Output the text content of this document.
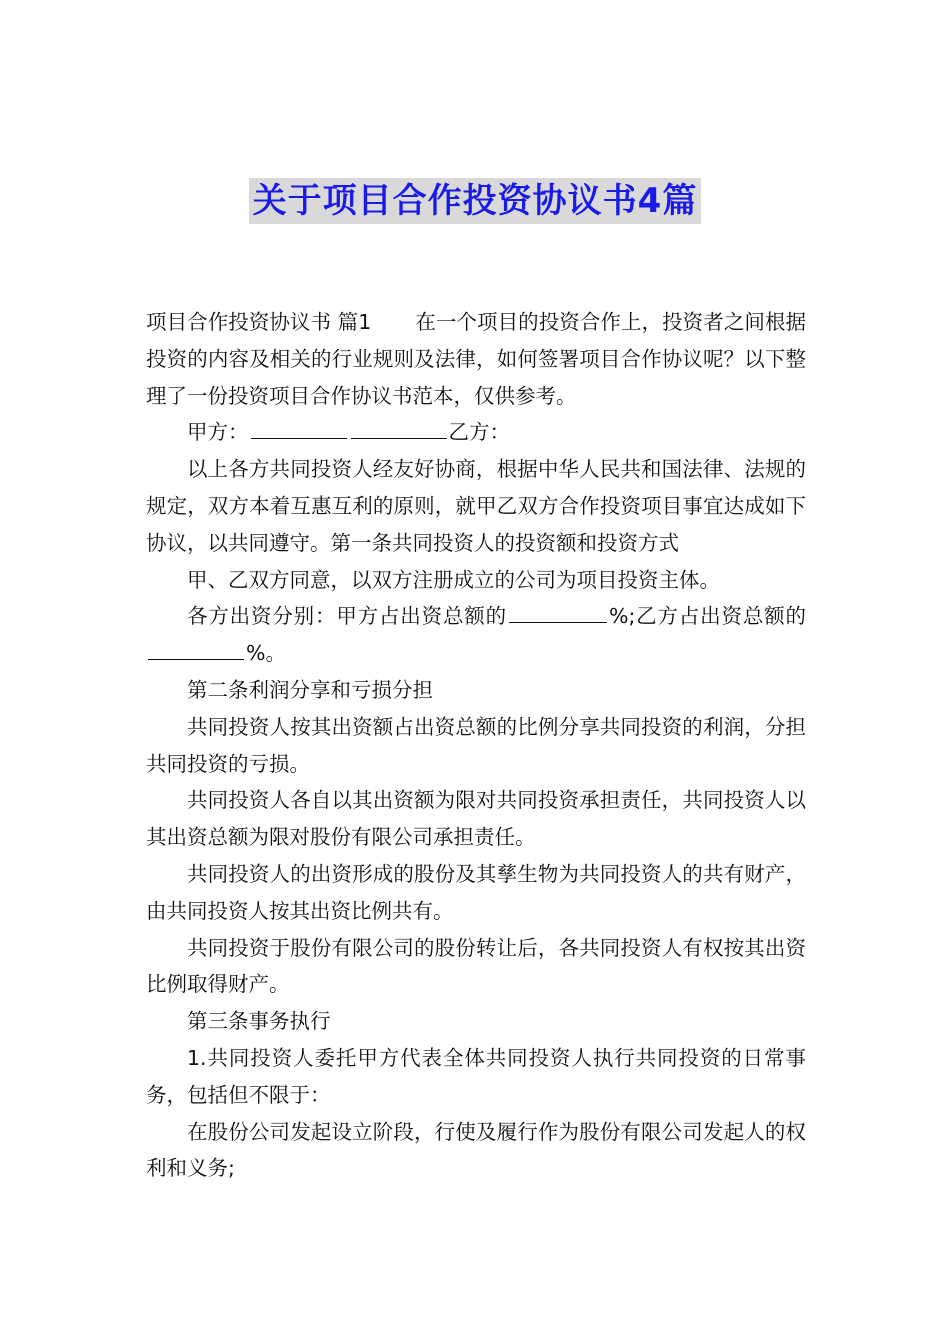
关于项目合作投资协议书4篇

项目合作投资协议书 篇1 在一个项目的投资合作上，投资者之间根据投资的内容及相关的行业规则及法律，如何签署项目合作协议呢？以下整理了一份投资项目合作协议书范本，仅供参考。

甲方：	乙方：

以上各方共同投资人经友好协商，根据中华人民共和国法律、法规的规定，双方本着互惠互利的原则，就甲乙双方合作投资项目事宜达成如下协议，以共同遵守。第一条共同投资人的投资额和投资方式

甲、乙双方同意，以双方注册成立的公司为项目投资主体。

各方出资分别：甲方占出资总额的	%;乙方占出资总额的%。

第二条利润分享和亏损分担

共同投资人按其出资额占出资总额的比例分享共同投资的利润，分担共同投资的亏损。

共同投资人各自以其出资额为限对共同投资承担责任，共同投资人以其出资总额为限对股份有限公司承担责任。

共同投资人的出资形成的股份及其孳生物为共同投资人的共有财产，由共同投资人按其出资比例共有。

共同投资于股份有限公司的股份转让后，各共同投资人有权按其出资比例取得财产。

第三条事务执行

1.共同投资人委托甲方代表全体共同投资人执行共同投资的日常事务，包括但不限于：

在股份公司发起设立阶段，行使及履行作为股份有限公司发起人的权利和义务;
